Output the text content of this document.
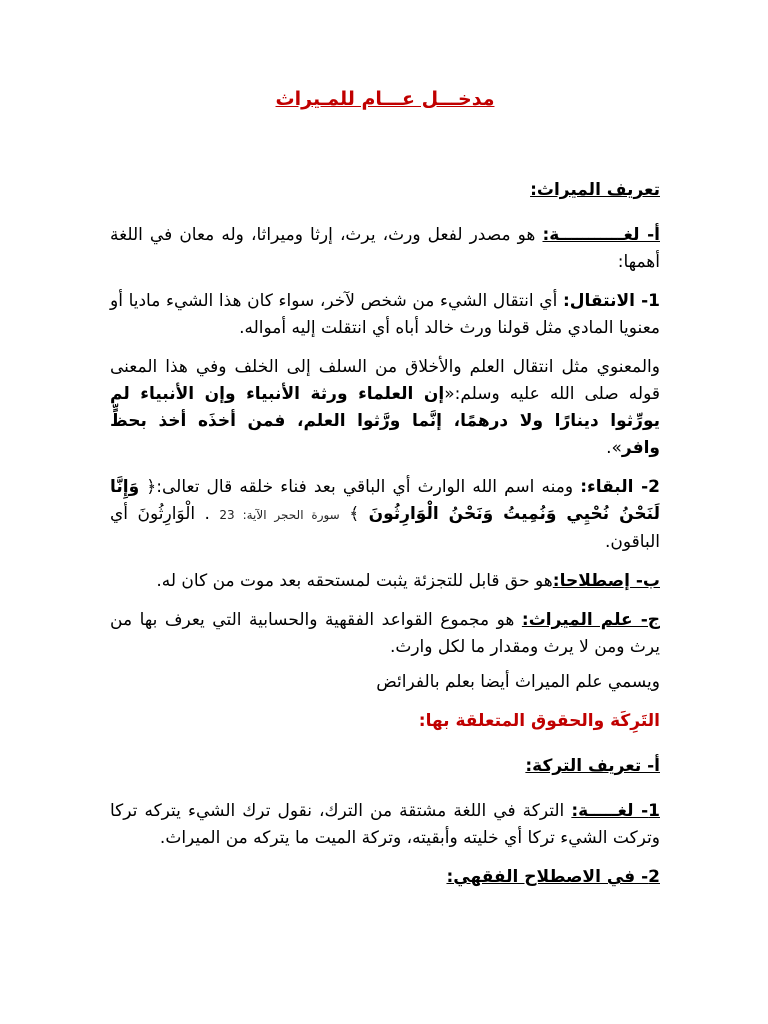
مدخـــل عـــام للمـيراث
تعريف الميراث:

أ- لغـــــــــــة: هو مصدر لفعل ورث، يرث، إرثا وميراثا، وله معان في اللغة أهمها:

1- الانتقال: أي انتقال الشيء من شخص لآخر، سواء كان هذا الشيء ماديا أو معنويا المادي مثل قولنا ورث خالد أباه أي انتقلت إليه أمواله.

والمعنوي مثل انتقال العلم والأخلاق من السلف إلى الخلف وفي هذا المعنى قوله صلى الله عليه وسلم:«إن العلماء ورثة الأنبياء وإن الأنبياء لم يورِّثوا دينارًا ولا درهمًا، إنَّما ورَّثوا العلم، فمن أخذَه أخذ بحظٍّ وافر».

2- البقاء: ومنه اسم الله الوارث أي الباقي بعد فناء خلقه قال تعالى:﴿ وَإِنَّا لَنَحْنُ نُحْيِي وَنُمِيتُ وَنَحْنُ الْوَارِثُونَ ﴾ سورة الحجر الآية: 23 . الْوَارِثُونَ أي الباقون.

ب- إصطلاحا:هو حق قابل للتجزئة يثبت لمستحقه بعد موت من كان له.

ج- علم الميراث: هو مجموع القواعد الفقهية والحسابية التي يعرف بها من يرث ومن لا يرث ومقدار ما لكل وارث.

ويسمي علم الميراث أيضا بعلم بالفرائض

التَرِكَة والحقوق المتعلقة بها:
أ- تعريف التركة:

1- لغـــــة: التركة في اللغة مشتقة من الترك، نقول ترك الشيء يتركه تركا وتركت الشيء تركا أي خليته وأبقيته، وتركة الميت ما يتركه من الميراث.

2- في الاصطلاح الفقهي:
